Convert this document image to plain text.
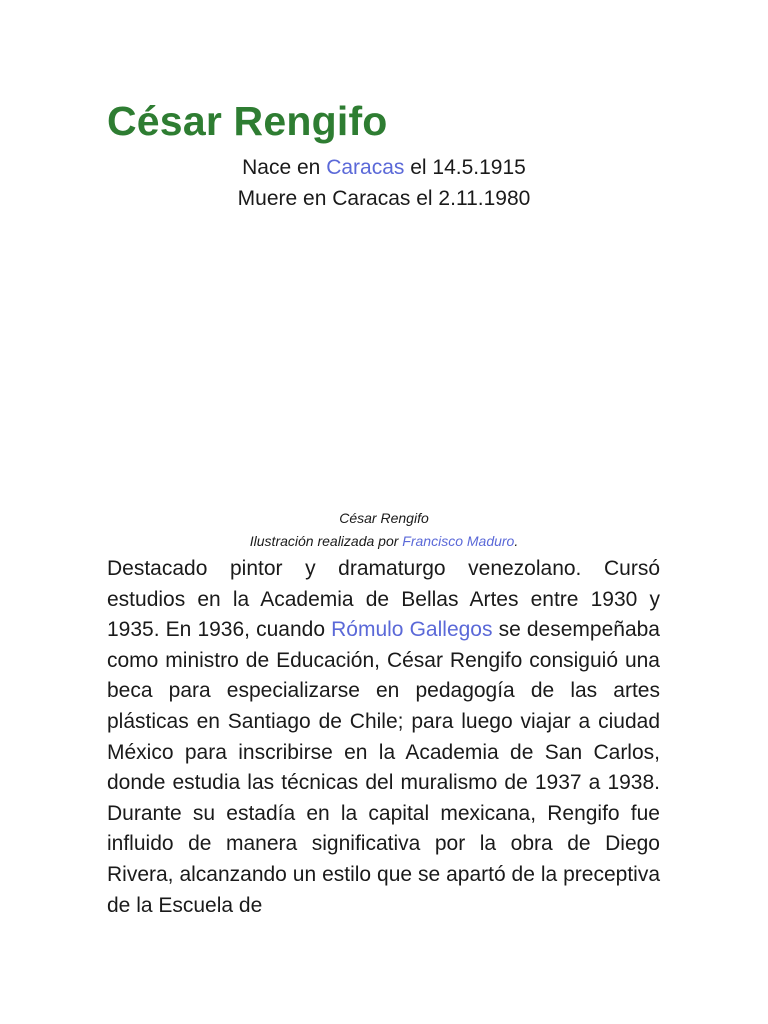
César Rengifo
Nace en Caracas el 14.5.1915
Muere en Caracas el 2.11.1980
César Rengifo
Ilustración realizada por Francisco Maduro.

Destacado pintor y dramaturgo venezolano. Cursó estudios en la Academia de Bellas Artes entre 1930 y 1935. En 1936, cuando Rómulo Gallegos se desempeñaba como ministro de Educación, César Rengifo consiguió una beca para especializarse en pedagogía de las artes plásticas en Santiago de Chile; para luego viajar a ciudad México para inscribirse en la Academia de San Carlos, donde estudia las técnicas del muralismo de 1937 a 1938. Durante su estadía en la capital mexicana, Rengifo fue influido de manera significativa por la obra de Diego Rivera, alcanzando un estilo que se apartó de la preceptiva de la Escuela de
